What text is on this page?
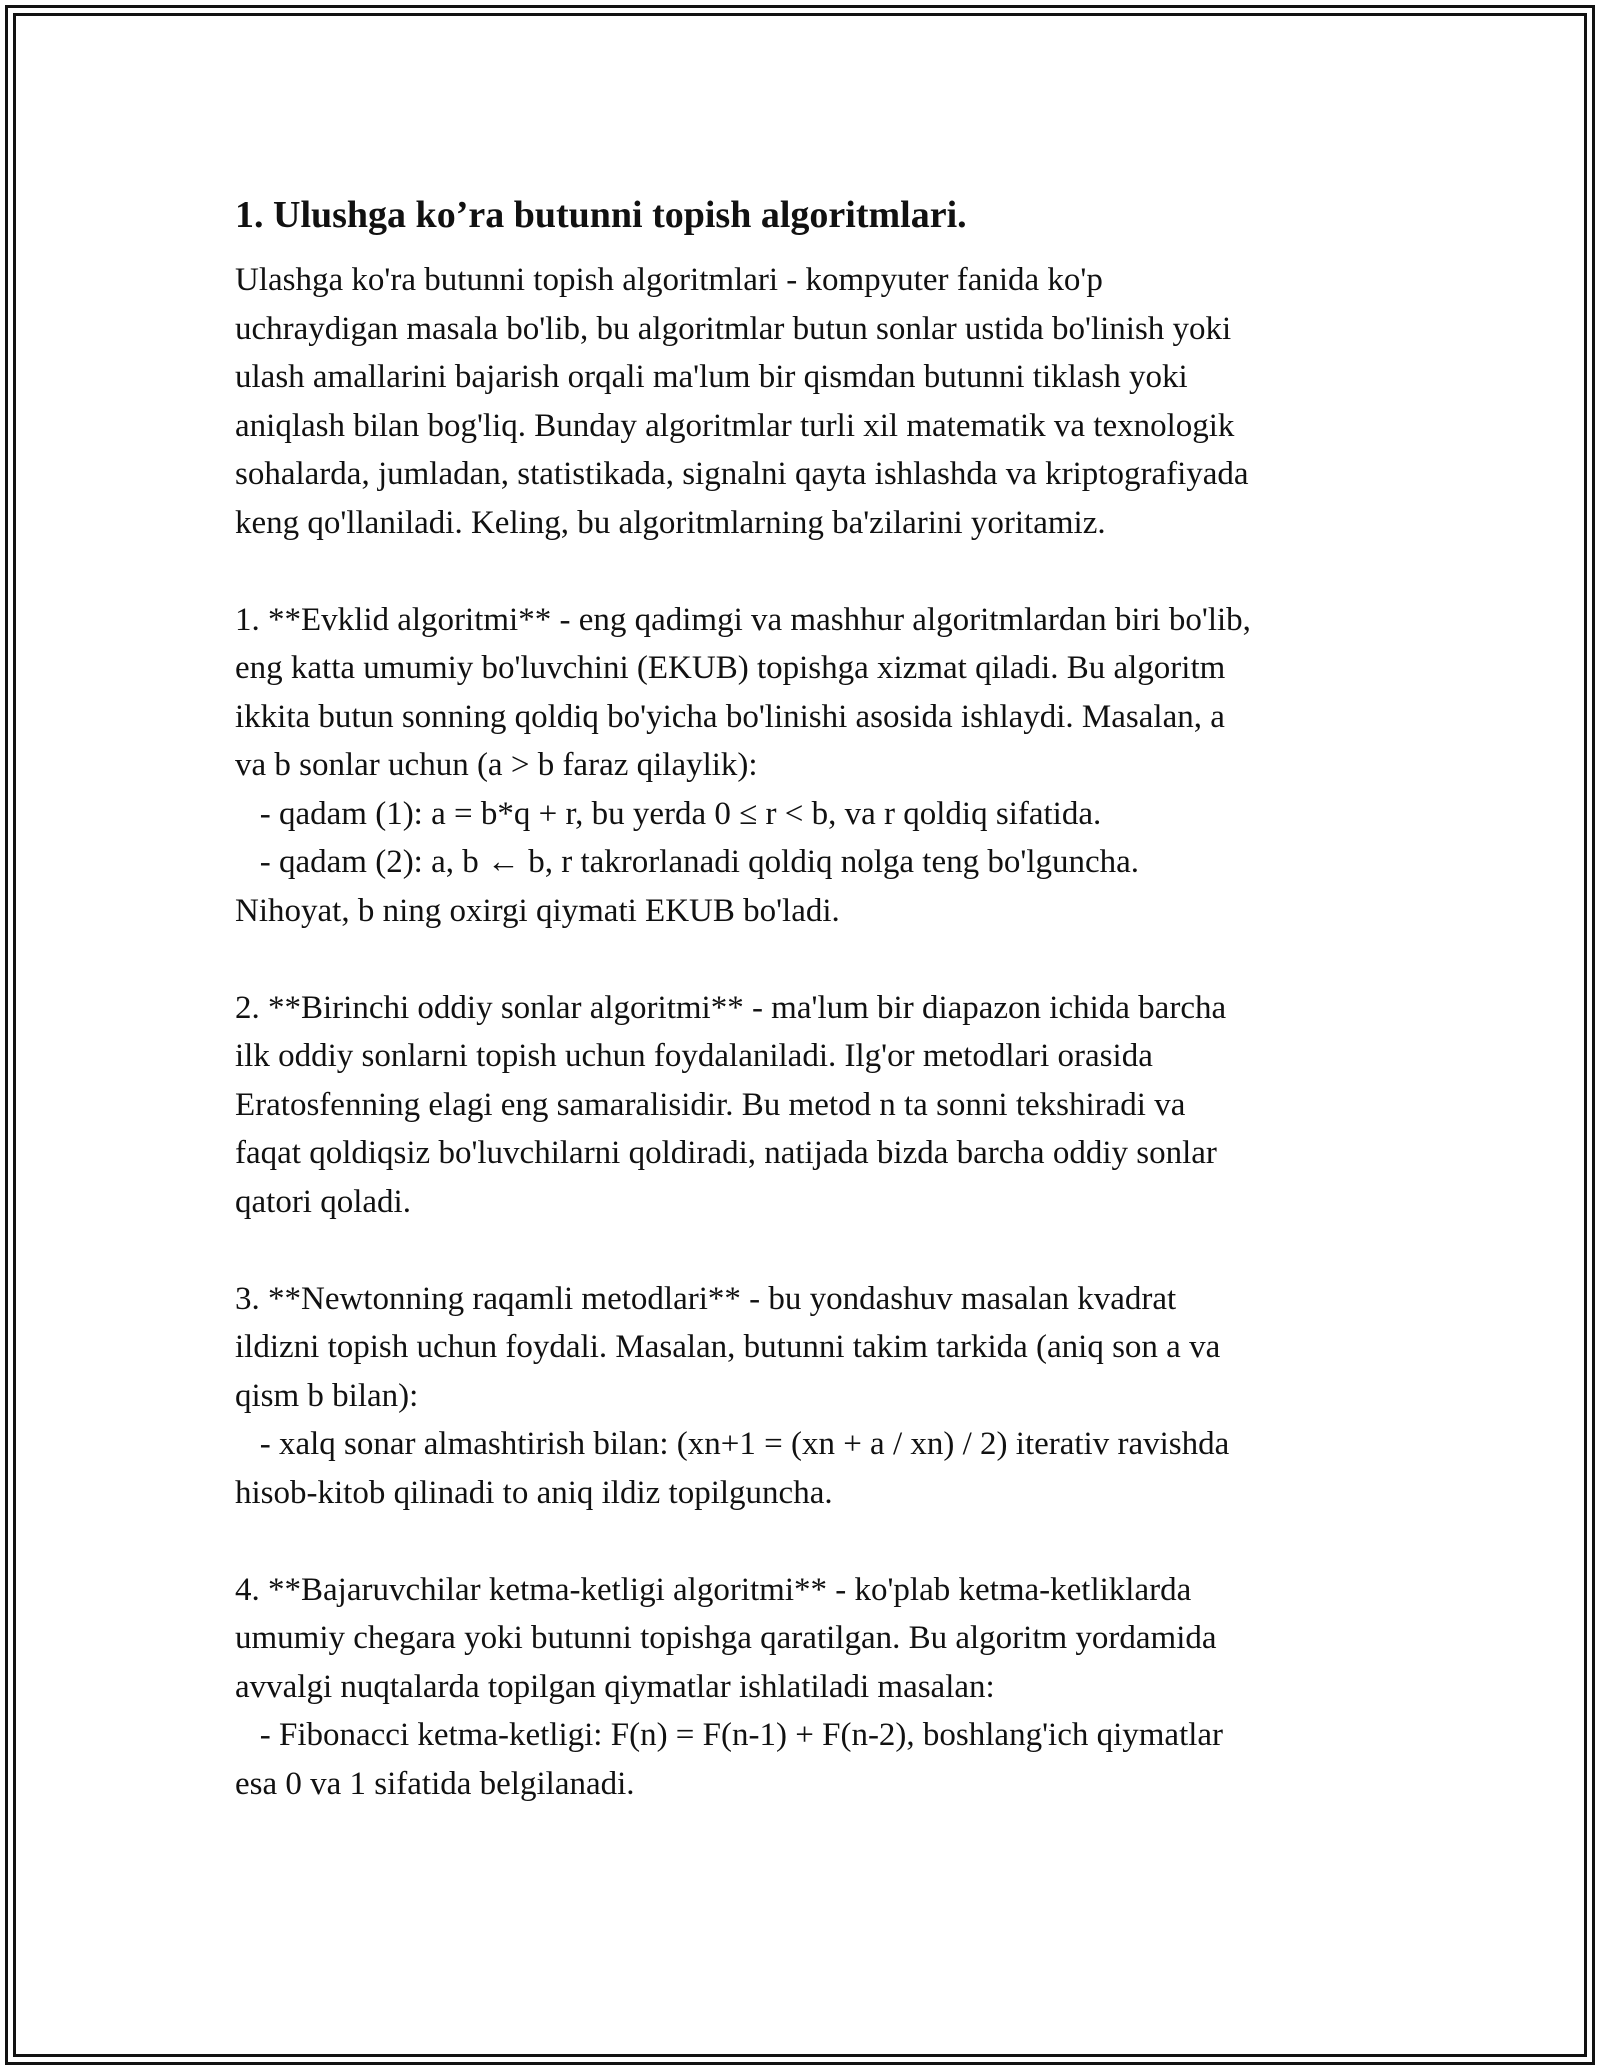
1. Ulushga ko’ra butunni topish algoritmlari.
Ulashga ko'ra butunni topish algoritmlari - kompyuter fanida ko'p
uchraydigan masala bo'lib, bu algoritmlar butun sonlar ustida bo'linish yoki
ulash amallarini bajarish orqali ma'lum bir qismdan butunni tiklash yoki
aniqlash bilan bog'liq. Bunday algoritmlar turli xil matematik va texnologik
sohalarda, jumladan, statistikada, signalni qayta ishlashda va kriptografiyada
keng qo'llaniladi. Keling, bu algoritmlarning ba'zilarini yoritamiz.
1. **Evklid algoritmi** - eng qadimgi va mashhur algoritmlardan biri bo'lib,
eng katta umumiy bo'luvchini (EKUB) topishga xizmat qiladi. Bu algoritm
ikkita butun sonning qoldiq bo'yicha bo'linishi asosida ishlaydi. Masalan, a
va b sonlar uchun (a > b faraz qilaylik):
- qadam (1): a = b*q + r, bu yerda 0 ≤ r < b, va r qoldiq sifatida.
- qadam (2): a, b ← b, r takrorlanadi qoldiq nolga teng bo'lguncha.
Nihoyat, b ning oxirgi qiymati EKUB bo'ladi.
2. **Birinchi oddiy sonlar algoritmi** - ma'lum bir diapazon ichida barcha
ilk oddiy sonlarni topish uchun foydalaniladi. Ilg'or metodlari orasida
Eratosfenning elagi eng samaralisidir. Bu metod n ta sonni tekshiradi va
faqat qoldiqsiz bo'luvchilarni qoldiradi, natijada bizda barcha oddiy sonlar
qatori qoladi.
3. **Newtonning raqamli metodlari** - bu yondashuv masalan kvadrat
ildizni topish uchun foydali. Masalan, butunni takim tarkida (aniq son a va
qism b bilan):
- xalq sonar almashtirish bilan: (xn+1 = (xn + a / xn) / 2) iterativ ravishda
hisob-kitob qilinadi to aniq ildiz topilguncha.
4. **Bajaruvchilar ketma-ketligi algoritmi** - ko'plab ketma-ketliklarda
umumiy chegara yoki butunni topishga qaratilgan. Bu algoritm yordamida
avvalgi nuqtalarda topilgan qiymatlar ishlatiladi masalan:
- Fibonacci ketma-ketligi: F(n) = F(n-1) + F(n-2), boshlang'ich qiymatlar
esa 0 va 1 sifatida belgilanadi.
